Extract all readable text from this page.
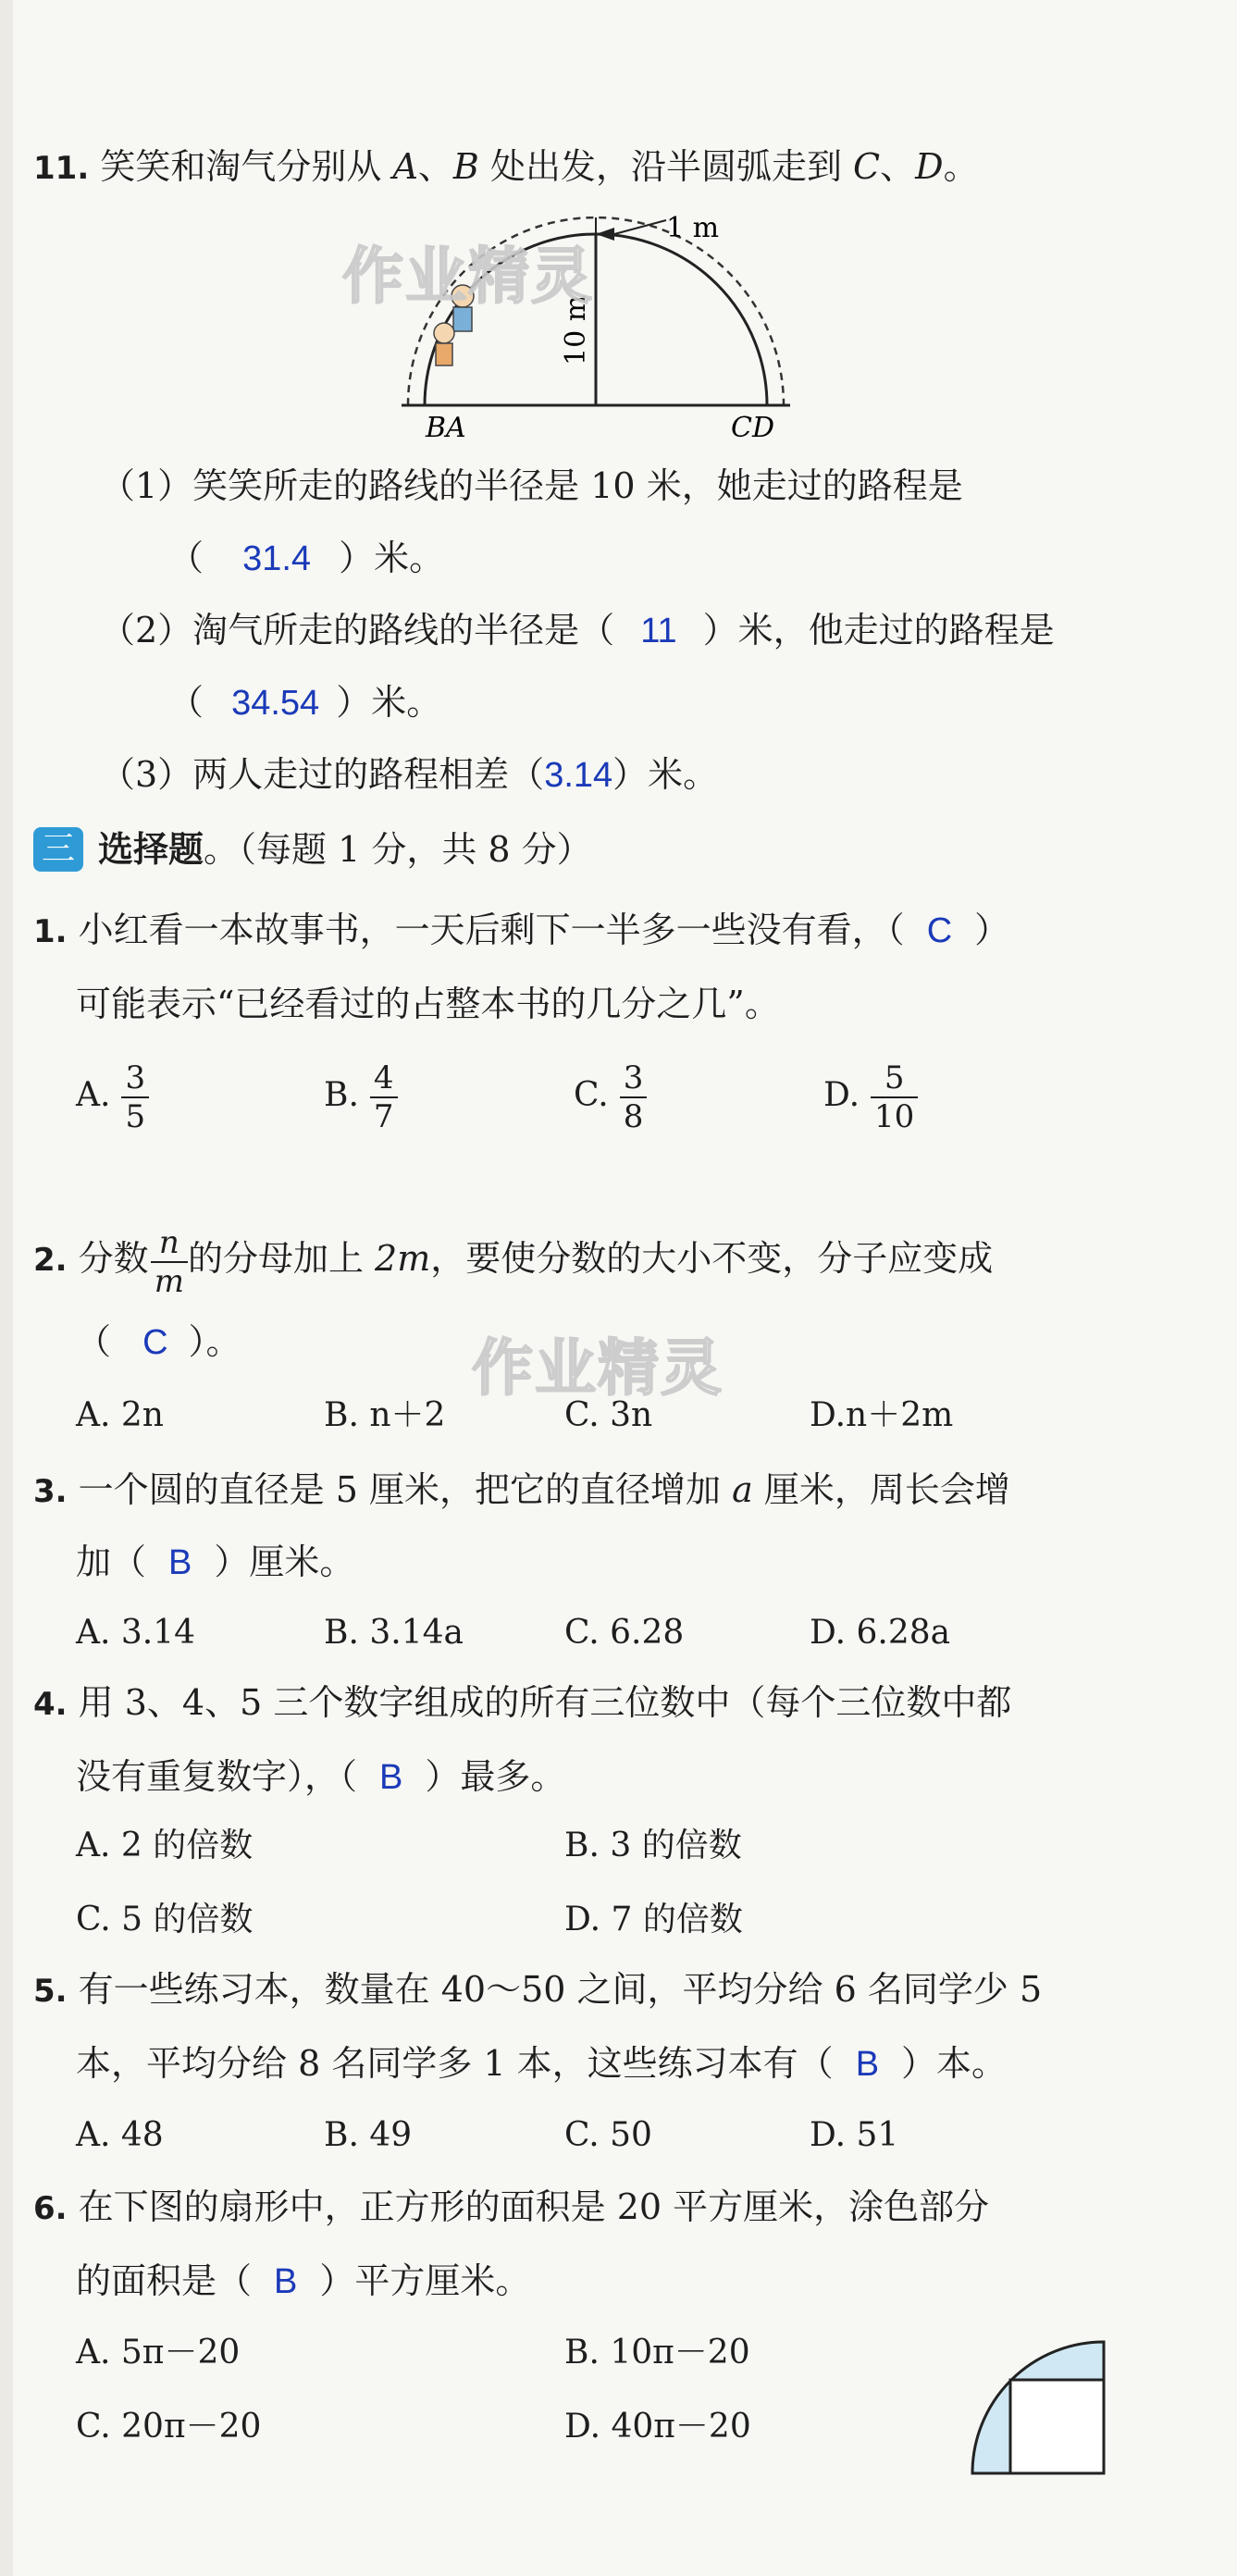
11. 笑笑和淘气分别从 A、B 处出发，沿半圆弧走到 C、D。
1 m
10 m
BA	CD
作业精灵
（1）笑笑所走的路线的半径是 10 米，她走过的路程是
（ 31.4 ）米。
（2）淘气所走的路线的半径是（ 11 ）米，他走过的路程是
（ 34.54 ）米。
（3）两人走过的路程相差（3.14）米。
三 选择题。（每题 1 分，共 8 分）
1. 小红看一本故事书，一天后剩下一半多一些没有看，（ C ）
可能表示“已经看过的占整本书的几分之几”。
A. $\frac{3}{5}$	B. $\frac{4}{7}$	C. $\frac{3}{8}$	D. $\frac{5}{10}$
2. 分数 $\frac{n}{m}$ 的分母加上 2m，要使分数的大小不变，分子应变成
（ C ）。	作业精灵
A. 2n	B. n＋2	C. 3n	D.n＋2m
3. 一个圆的直径是 5 厘米，把它的直径增加 a 厘米，周长会增
加（ B ）厘米。
A. 3.14	B. 3.14a	C. 6.28	D. 6.28a
4. 用 3、4、5 三个数字组成的所有三位数中（每个三位数中都
没有重复数字），（ B ）最多。
A. 2 的倍数	B. 3 的倍数
C. 5 的倍数	D. 7 的倍数
5. 有一些练习本，数量在 40～50 之间，平均分给 6 名同学少 5
本，平均分给 8 名同学多 1 本，这些练习本有（ B ）本。
A. 48	B. 49	C. 50	D. 51
6. 在下图的扇形中，正方形的面积是 20 平方厘米，涂色部分
的面积是（ B ）平方厘米。
A. 5π－20	B. 10π－20
C. 20π－20	D. 40π－20
